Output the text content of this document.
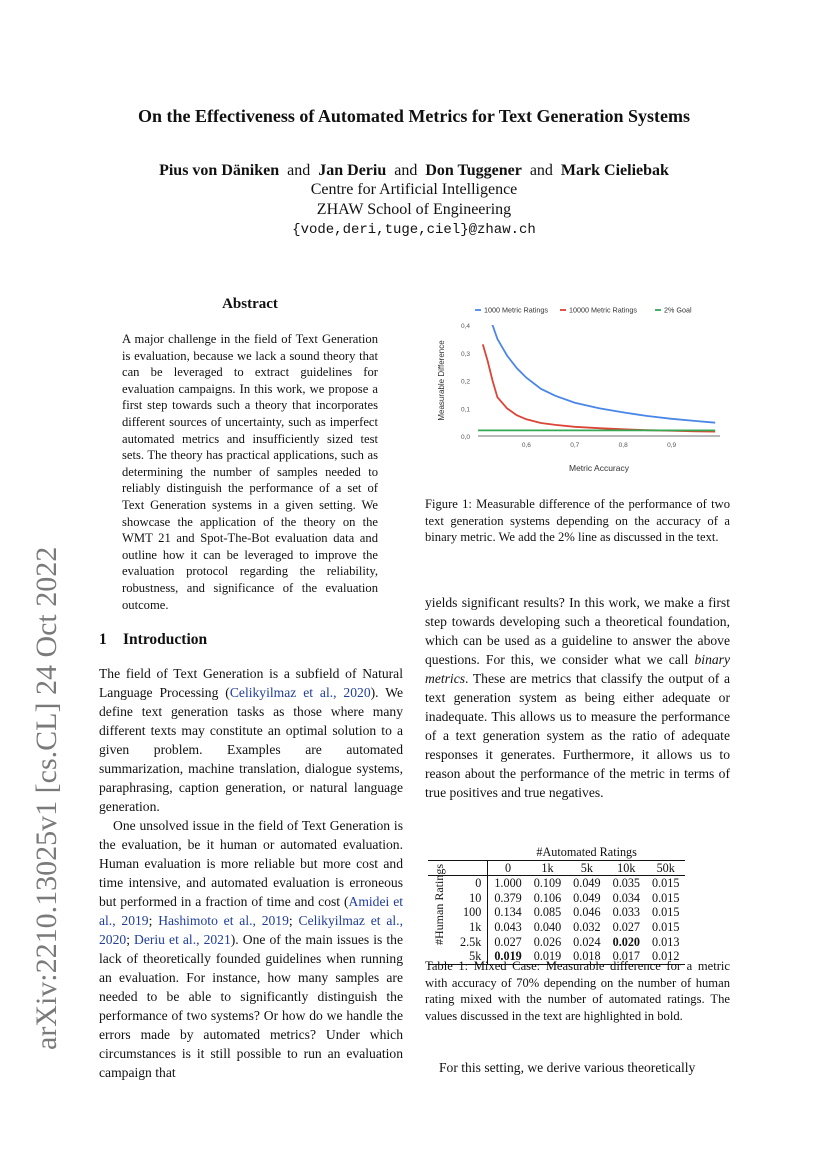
On the Effectiveness of Automated Metrics for Text Generation Systems
Pius von Däniken and Jan Deriu and Don Tuggener and Mark Cieliebak
Centre for Artificial Intelligence
ZHAW School of Engineering
{vode,deri,tuge,ciel}@zhaw.ch
arXiv:2210.13025v1 [cs.CL] 24 Oct 2022
Abstract
A major challenge in the field of Text Generation is evaluation, because we lack a sound theory that can be leveraged to extract guidelines for evaluation campaigns. In this work, we propose a first step towards such a theory that incorporates different sources of uncertainty, such as imperfect automated metrics and insufficiently sized test sets. The theory has practical applications, such as determining the number of samples needed to reliably distinguish the performance of a set of Text Generation systems in a given setting. We showcase the application of the theory on the WMT 21 and Spot-The-Bot evaluation data and outline how it can be leveraged to improve the evaluation protocol regarding the reliability, robustness, and significance of the evaluation outcome.
1 Introduction

The field of Text Generation is a subfield of Natural Language Processing (Celikyilmaz et al., 2020). We define text generation tasks as those where many different texts may constitute an optimal solution to a given problem. Examples are automated summarization, machine translation, dialogue systems, paraphrasing, caption generation, or natural language generation.

One unsolved issue in the field of Text Generation is the evaluation, be it human or automated evaluation. Human evaluation is more reliable but more cost and time intensive, and automated evaluation is erroneous but performed in a fraction of time and cost (Amidei et al., 2019; Hashimoto et al., 2019; Celikyilmaz et al., 2020; Deriu et al., 2021). One of the main issues is the lack of theoretically founded guidelines when running an evaluation. For instance, how many samples are needed to be able to significantly distinguish the performance of two systems? Or how do we handle the errors made by automated metrics? Under which circumstances is it still possible to run an evaluation campaign that

0,0
0,1
0,2
0,3
0,4
0,6	0,7	0,8	0,9
Metric Accuracy
Measurable Difference
1000 Metric Ratings	10000 Metric Ratings	2% Goal
Figure 1: Measurable difference of the performance of two text generation systems depending on the accuracy of a binary metric. We add the 2% line as discussed in the text.
yields significant results? In this work, we make a first step towards developing such a theoretical foundation, which can be used as a guideline to answer the above questions. For this, we consider what we call binary metrics. These are metrics that classify the output of a text generation system as being either adequate or inadequate. This allows us to measure the performance of a text generation system as the ratio of adequate responses it generates. Furthermore, it allows us to reason about the performance of the metric in terms of true positives and true negatives.
		#Automated Ratings				
		0	1k	5k	10k	50k
	0	1.000	0.109	0.049	0.035	0.015
	10	0.379	0.106	0.049	0.034	0.015
	100	0.134	0.085	0.046	0.033	0.015
	1k	0.043	0.040	0.032	0.027	0.015
	2.5k	0.027	0.026	0.024	0.020	0.013
	5k	0.019	0.019	0.018	0.017	0.012
#Human Ratings
Table 1: Mixed Case: Measurable difference for a metric with accuracy of 70% depending on the number of human rating mixed with the number of automated ratings. The values discussed in the text are highlighted in bold.
For this setting, we derive various theoretically
